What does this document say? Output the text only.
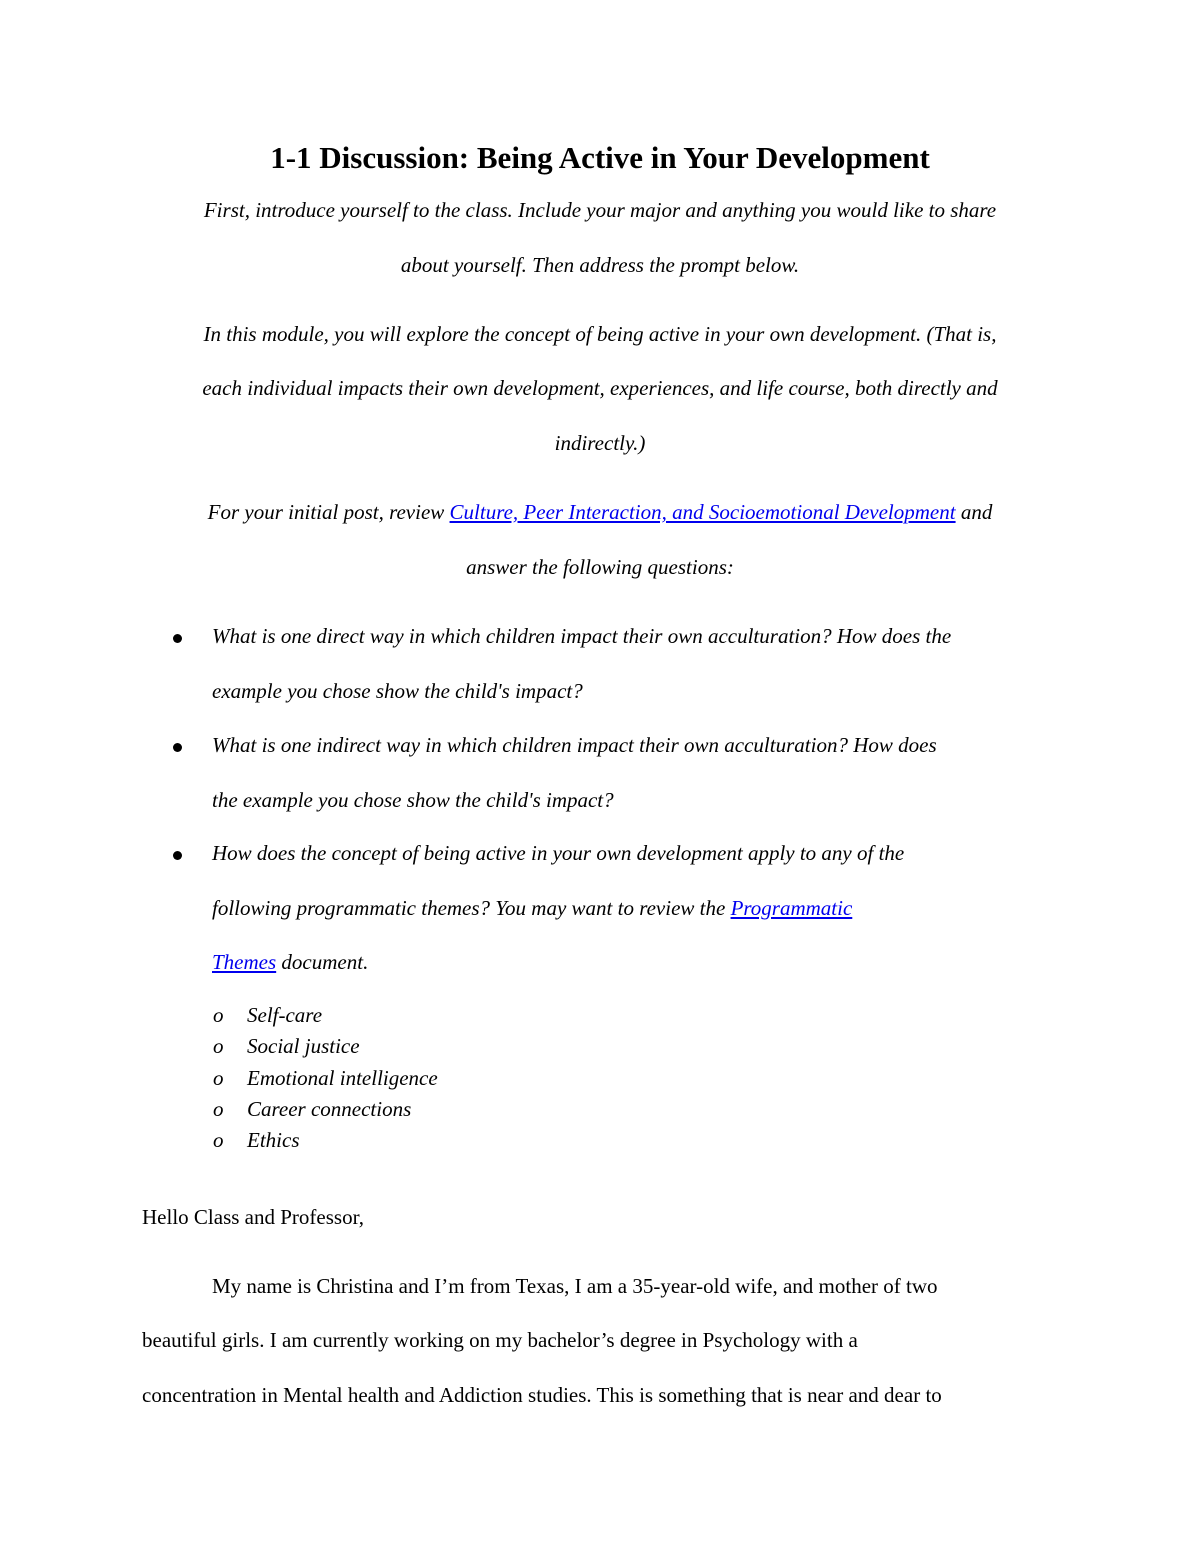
1-1 Discussion: Being Active in Your Development

First, introduce yourself to the class. Include your major and anything you would like to share

about yourself. Then address the prompt below.

In this module, you will explore the concept of being active in your own development. (That is,

each individual impacts their own development, experiences, and life course, both directly and

indirectly.)

For your initial post, review Culture, Peer Interaction, and Socioemotional Development and

answer the following questions:

What is one direct way in which children impact their own acculturation? How does the

example you chose show the child's impact?

What is one indirect way in which children impact their own acculturation? How does

the example you chose show the child's impact?

How does the concept of being active in your own development apply to any of the

following programmatic themes? You may want to review the Programmatic

Themes document.

o Self-care
o Social justice
o Emotional intelligence
o Career connections
o Ethics

Hello Class and Professor,

My name is Christina and I’m from Texas, I am a 35-year-old wife, and mother of two

beautiful girls. I am currently working on my bachelor’s degree in Psychology with a

concentration in Mental health and Addiction studies. This is something that is near and dear to
